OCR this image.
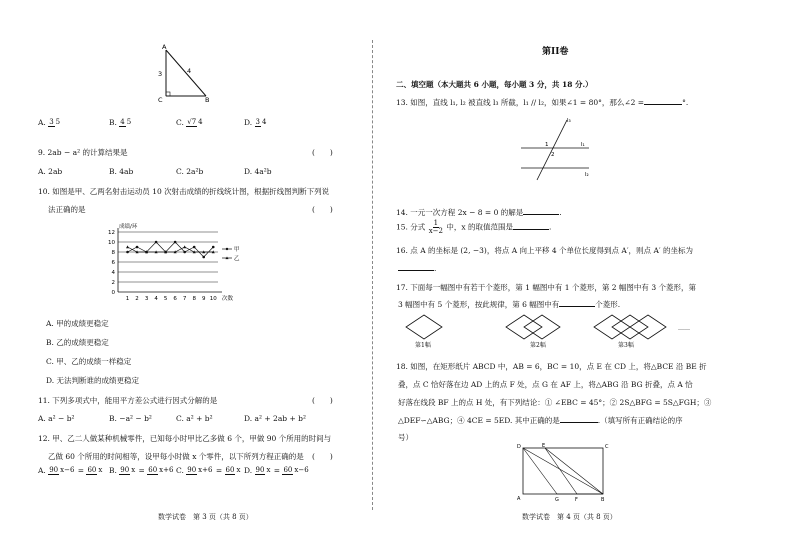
A
C	B
3	4
A. 3 5	B. 4 5	C. √7 4	D. 3 4
9. 2ab − a² 的计算结果是	(　　)
A. 2ab	B. 4ab	C. 2a²b	D. 4a²b
10. 如图是甲、乙两名射击运动员 10 次射击成绩的折线统计图，根据折线图判断下列说
法正确的是	(　　)
0
2
4
6
8
10
12
1 2 3 4 5 6 7 8 9 10
成绩/环
次数
甲
乙
A. 甲的成绩更稳定
B. 乙的成绩更稳定
C. 甲、乙的成绩一样稳定
D. 无法判断谁的成绩更稳定
11. 下列多项式中，能用平方差公式进行因式分解的是	(　　)
A. a² − b²	B. −a² − b²	C. a² + b²	D. a² + 2ab + b²
12. 甲、乙二人做某种机械零件，已知每小时甲比乙多做 6 个，甲做 90 个所用的时间与
乙做 60 个所用的时间相等，设甲每小时做 x 个零件，以下所列方程正确的是 (　　)
A. 90 x−6 = 60 x B. 90 x = 60 x+6 C. 90 x+6 = 60 x D. 90 x = 60 x−6
数学试卷　第 3 页（共 8 页）
第II卷
二、填空题（本大题共 6 小题，每小题 3 分，共 18 分.）
13. 如图，直线 l₁, l₂ 被直线 l₃ 所截，l₁ // l₂，如果∠1 = 80°，那么∠2 =	°.
l₃
l₁
l₂
1
2
14. 一元一次方程 2x − 8 = 0 的解是	.
15. 分式 $\frac{1}{x-2}$ 中，x 的取值范围是	.
16. 点 A 的坐标是 (2, −3)，将点 A 向上平移 4 个单位长度得到点 A′，则点 A′ 的坐标为
.
17. 下面每一幅图中有若干个菱形，第 1 幅图中有 1 个菱形，第 2 幅图中有 3 个菱形，第
3 幅图中有 5 个菱形，按此规律，第 6 幅图中有	个菱形.
……
第1幅	第2幅	第3幅
18. 如图，在矩形纸片 ABCD 中，AB = 6，BC = 10，点 E 在 CD 上，将△BCE 沿 BE 折
叠，点 C 恰好落在边 AD 上的点 F 处，点 G 在 AF 上，将△ABG 沿 BG 折叠，点 A 恰
好落在线段 BF 上的点 H 处，有下列结论：① ∠EBC = 45°；② 2S△BFG = 5S△FGH；③
△DEF∽△ABG；④ 4CE = 5ED. 其中正确的是	.（填写所有正确结论的序
号）
D	E	C
A	G	F	B
数学试卷　第 4 页（共 8 页）
